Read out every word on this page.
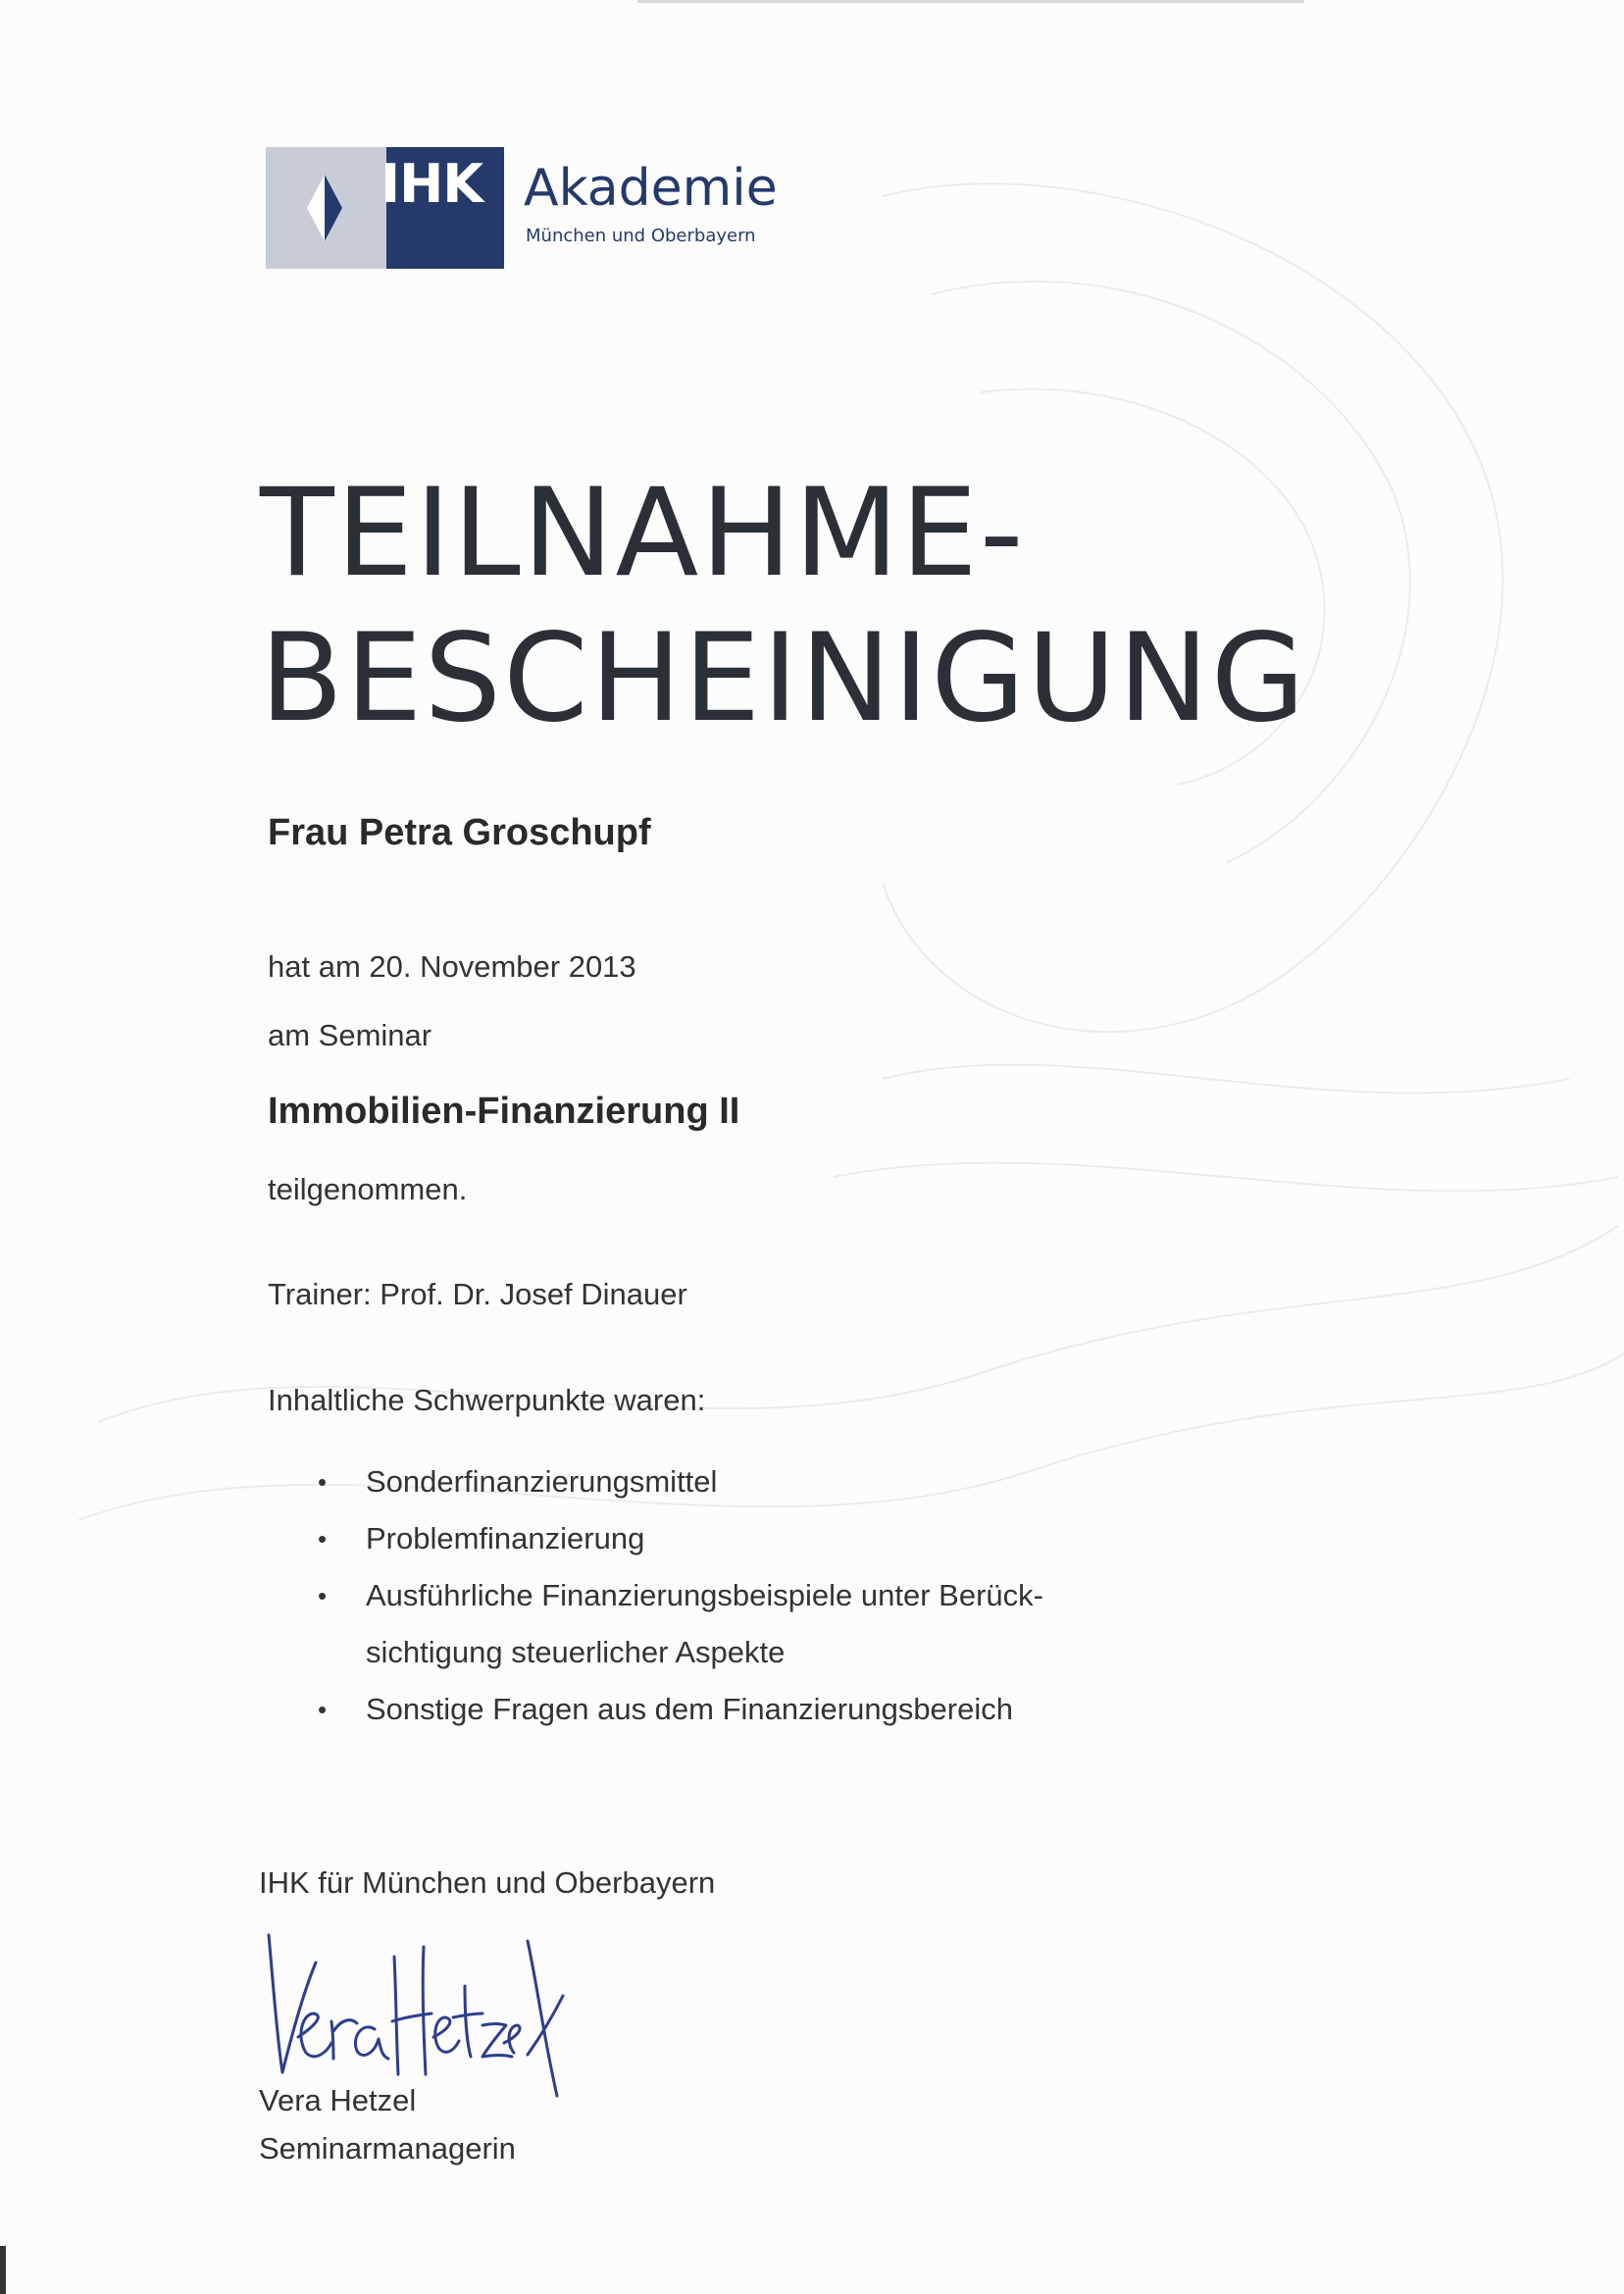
IHK Akademie
München und Oberbayern
TEILNAHME-
BESCHEINIGUNG
Frau Petra Groschupf
hat am 20. November 2013
am Seminar
Immobilien-Finanzierung II
teilgenommen.
Trainer: Prof. Dr. Josef Dinauer
Inhaltliche Schwerpunkte waren:
• Sonderfinanzierungsmittel
• Problemfinanzierung
• Ausführliche Finanzierungsbeispiele unter Berück-
sichtigung steuerlicher Aspekte
• Sonstige Fragen aus dem Finanzierungsbereich
IHK für München und Oberbayern
Vera Hetzel
Seminarmanagerin
